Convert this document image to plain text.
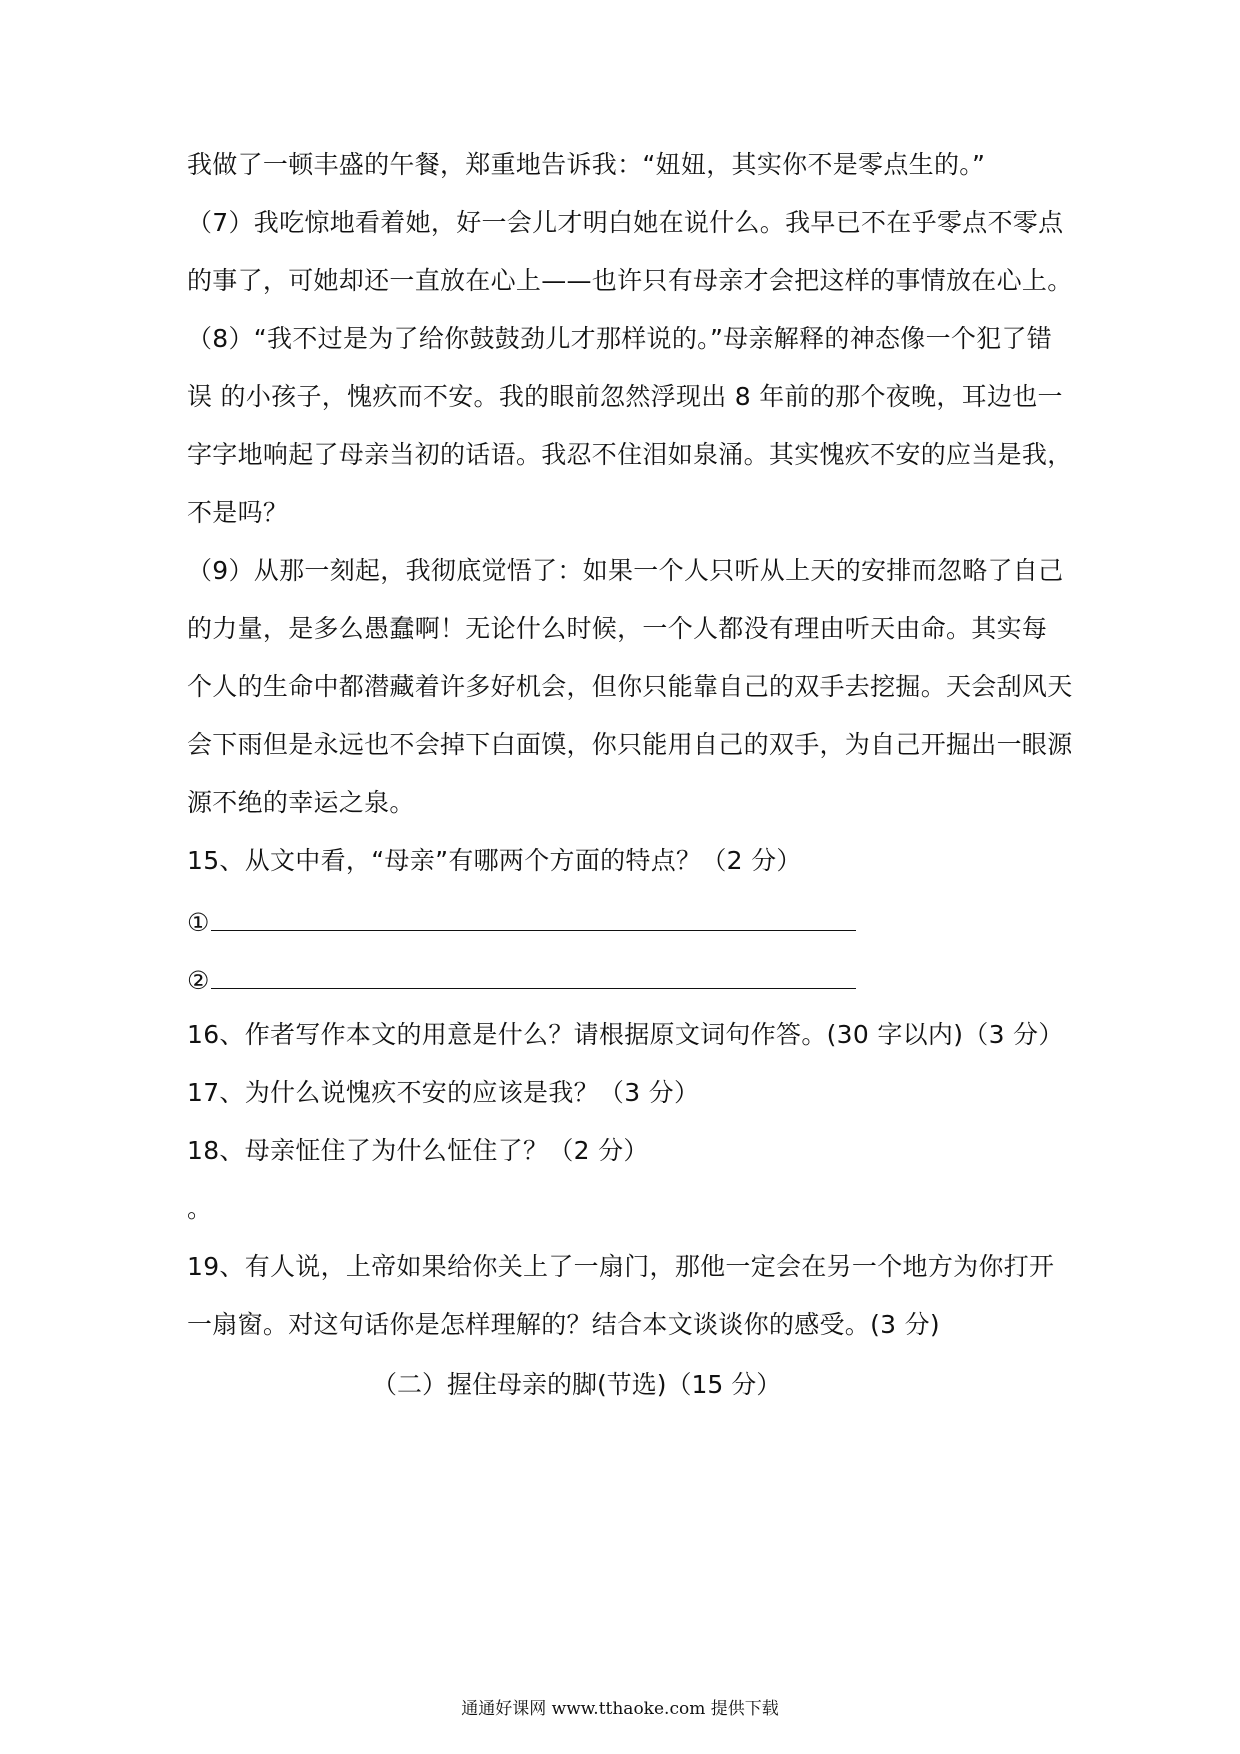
我做了一顿丰盛的午餐，郑重地告诉我：“妞妞，其实你不是零点生的。”
（7）我吃惊地看着她，好一会儿才明白她在说什么。我早已不在乎零点不零点
的事了，可她却还一直放在心上——也许只有母亲才会把这样的事情放在心上。
（8）“我不过是为了给你鼓鼓劲儿才那样说的。”母亲解释的神态像一个犯了错
误 的小孩子，愧疚而不安。我的眼前忽然浮现出 8 年前的那个夜晚，耳边也一
字字地响起了母亲当初的话语。我忍不住泪如泉涌。其实愧疚不安的应当是我，
不是吗？
（9）从那一刻起，我彻底觉悟了：如果一个人只听从上天的安排而忽略了自己
的力量，是多么愚蠢啊！无论什么时候，一个人都没有理由听天由命。其实每
个人的生命中都潜藏着许多好机会，但你只能靠自己的双手去挖掘。天会刮风天
会下雨但是永远也不会掉下白面馍，你只能用自己的双手，为自己开掘出一眼源
源不绝的幸运之泉。
15、从文中看，“母亲”有哪两个方面的特点？（2 分）
①
②
16、作者写作本文的用意是什么？请根据原文词句作答。(30 字以内)（3 分）
17、为什么说愧疚不安的应该是我？（3 分）
18、母亲怔住了为什么怔住了？（2 分）
。
19、有人说，上帝如果给你关上了一扇门，那他一定会在另一个地方为你打开
一扇窗。对这句话你是怎样理解的？结合本文谈谈你的感受。(3 分)
（二）握住母亲的脚(节选)（15 分）
通通好课网 www.tthaoke.com 提供下载
